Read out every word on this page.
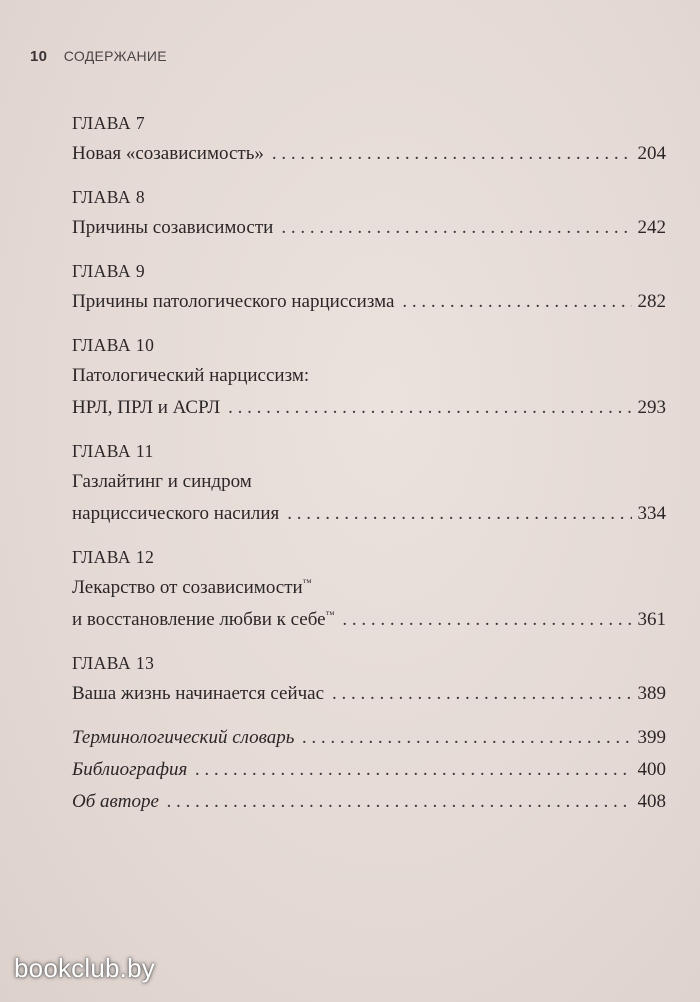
10 СОДЕРЖАНИЕ
ГЛАВА 7
Новая «созависимость» . . .	204
ГЛАВА 8
Причины созависимости . . .	242
ГЛАВА 9
Причины патологического нарциссизма . . .	282
ГЛАВА 10
Патологический нарциссизм:
НРЛ, ПРЛ и АСРЛ . . .	293
ГЛАВА 11
Газлайтинг и синдром
нарциссического насилия . . .	334
ГЛАВА 12
Лекарство от созависимости™
и восстановление любви к себе™ . . .	361
ГЛАВА 13
Ваша жизнь начинается сейчас . . .	389
Терминологический словарь . . .	399
Библиография . . .	400
Об авторе . . .	408
bookclub.by
